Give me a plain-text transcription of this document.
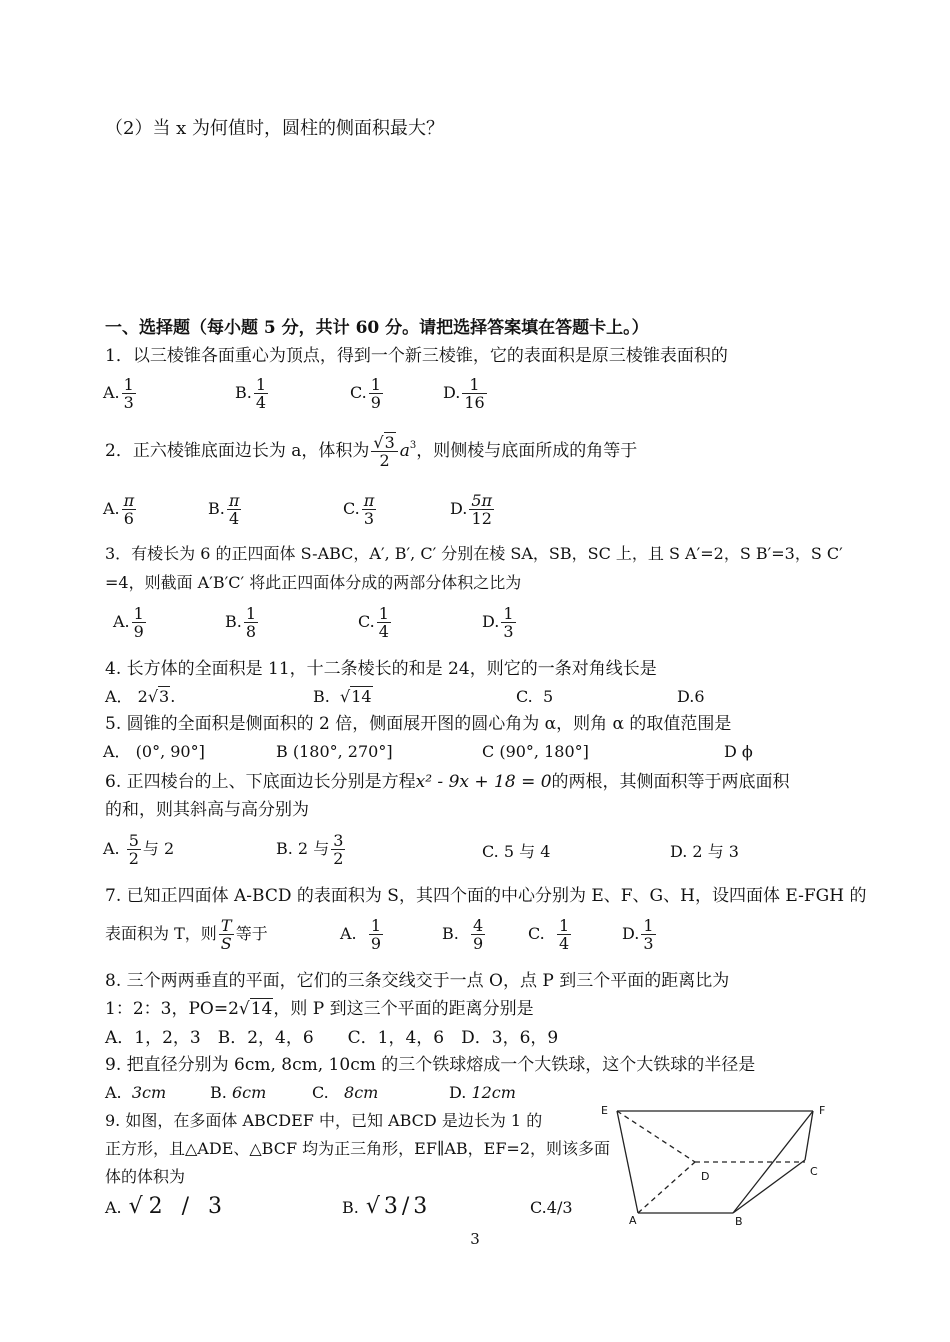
（2）当 x 为何值时，圆柱的侧面积最大？
一、选择题（每小题 5 分，共计 60 分。请把选择答案填在答题卡上。）
1．以三棱锥各面重心为顶点，得到一个新三棱锥，它的表面积是原三棱锥表面积的
A. $\frac{1}{3}$	B. $\frac{1}{4}$	C. $\frac{1}{9}$	D. $\frac{1}{16}$
2．正六棱锥底面边长为 a，体积为 $\frac{√3}{2} a^3$，则侧棱与底面所成的角等于
A. $\frac{\pi}{6}$	B. $\frac{\pi}{4}$	C. $\frac{\pi}{3}$	D. $\frac{5\pi}{12}$
3．有棱长为 6 的正四面体 S-ABC，A′, B′, C′ 分别在棱 SA，SB，SC 上，且 S A′=2，S B′=3，S C′
=4，则截面 A′B′C′ 将此正四面体分成的两部分体积之比为
A. $\frac{1}{9}$	B. $\frac{1}{8}$	C. $\frac{1}{4}$	D. $\frac{1}{3}$
4. 长方体的全面积是 11，十二条棱长的和是 24，则它的一条对角线长是
A． 2√3.	B.  √14	C. 5	D.6
5. 圆锥的全面积是侧面积的 2 倍，侧面展开图的圆心角为 α，则角 α 的取值范围是
A． (0°, 90°]	B (180°, 270°]	C (90°, 180°]	D ϕ
6. 正四棱台的上、下底面边长分别是方程x² - 9x + 18 = 0的两根，其侧面积等于两底面积
的和，则其斜高与高分别为
A. $\frac{5}{2}$ 与 2	B. 2 与 $\frac{3}{2}$	C. 5 与 4	D. 2 与 3
7. 已知正四面体 A-BCD 的表面积为 S，其四个面的中心分别为 E、F、G、H，设四面体 E-FGH 的
表面积为 T，则 $\frac{T}{S}$ 等于	A. $\frac{1}{9}$	B. $\frac{4}{9}$	C. $\frac{1}{4}$	D. $\frac{1}{3}$
8. 三个两两垂直的平面，它们的三条交线交于一点 O，点 P 到三个平面的距离比为
1：2：3，PO=2√14，则 P 到这三个平面的距离分别是
A．1，2，3　B．2，4，6　　C．1，4，6　D．3，6，9
9. 把直径分别为 6cm, 8cm, 10cm 的三个铁球熔成一个大铁球，这个大铁球的半径是
A. 3cm	B. 6cm	C. 8cm	D. 12cm
9. 如图，在多面体 ABCDEF 中，已知 ABCD 是边长为 1 的
正方形，且△ADE、△BCF 均为正三角形，EF∥AB，EF=2，则该多面
体的体积为
A. √2 / 3	B. √3/3	C.4/3
E	F
D	C
A	B
3
